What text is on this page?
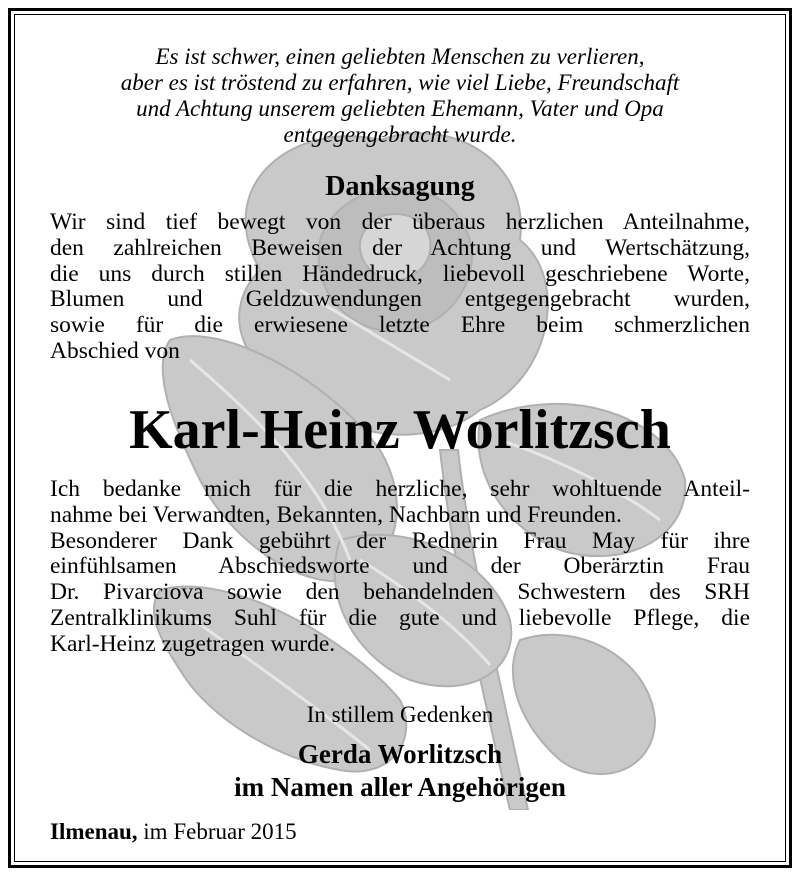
Es ist schwer, einen geliebten Menschen zu verlieren,
aber es ist tröstend zu erfahren, wie viel Liebe, Freundschaft
und Achtung unserem geliebten Ehemann, Vater und Opa
entgegengebracht wurde.
Danksagung
Wir sind tief bewegt von der überaus herzlichen Anteilnahme,
den zahlreichen Beweisen der Achtung und Wertschätzung,
die uns durch stillen Händedruck, liebevoll geschriebene Worte,
Blumen und Geldzuwendungen entgegengebracht wurden,
sowie für die erwiesene letzte Ehre beim schmerzlichen
Abschied von
Karl-Heinz Worlitzsch
Ich bedanke mich für die herzliche, sehr wohltuende Anteil-
nahme bei Verwandten, Bekannten, Nachbarn und Freunden.
Besonderer Dank gebührt der Rednerin Frau May für ihre
einfühlsamen Abschiedsworte und der Oberärztin Frau
Dr. Pivarciova sowie den behandelnden Schwestern des SRH
Zentralklinikums Suhl für die gute und liebevolle Pflege, die
Karl-Heinz zugetragen wurde.
In stillem Gedenken
Gerda Worlitzsch
im Namen aller Angehörigen
Ilmenau, im Februar 2015
